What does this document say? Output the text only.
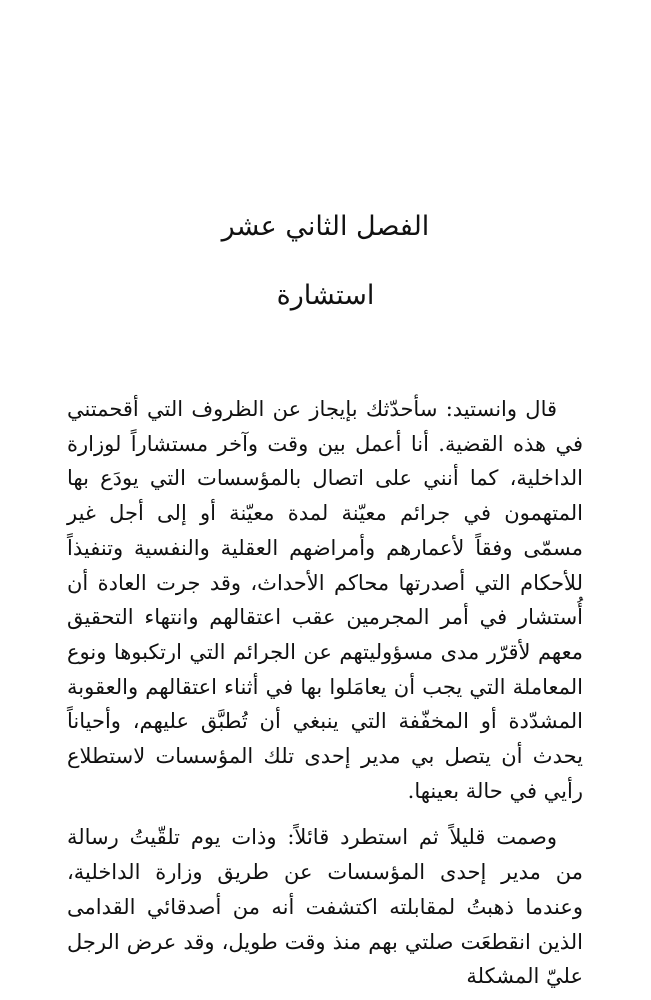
الفصل الثاني عشر
استشارة

قال وانستيد: سأحدّثك بإيجاز عن الظروف التي أقحمتني في هذه القضية. أنا أعمل بين وقت وآخر مستشاراً لوزارة الداخلية، كما أنني على اتصال بالمؤسسات التي يودَع بها المتهمون في جرائم معيّنة لمدة معيّنة أو إلى أجل غير مسمّى وفقاً لأعمارهم وأمراضهم العقلية والنفسية وتنفيذاً للأحكام التي أصدرتها محاكم الأحداث، وقد جرت العادة أن أُستشار في أمر المجرمين عقب اعتقالهم وانتهاء التحقيق معهم لأقرّر مدى مسؤوليتهم عن الجرائم التي ارتكبوها ونوع المعاملة التي يجب أن يعامَلوا بها في أثناء اعتقالهم والعقوبة المشدّدة أو المخفّفة التي ينبغي أن تُطبَّق عليهم، وأحياناً يحدث أن يتصل بي مدير إحدى تلك المؤسسات لاستطلاع رأيي في حالة بعينها.

وصمت قليلاً ثم استطرد قائلاً: وذات يوم تلقّيتُ رسالة من مدير إحدى المؤسسات عن طريق وزارة الداخلية، وعندما ذهبتُ لمقابلته اكتشفت أنه من أصدقائي القدامى الذين انقطعَت صلتي بهم منذ وقت طويل، وقد عرض الرجل عليّ المشكلة
